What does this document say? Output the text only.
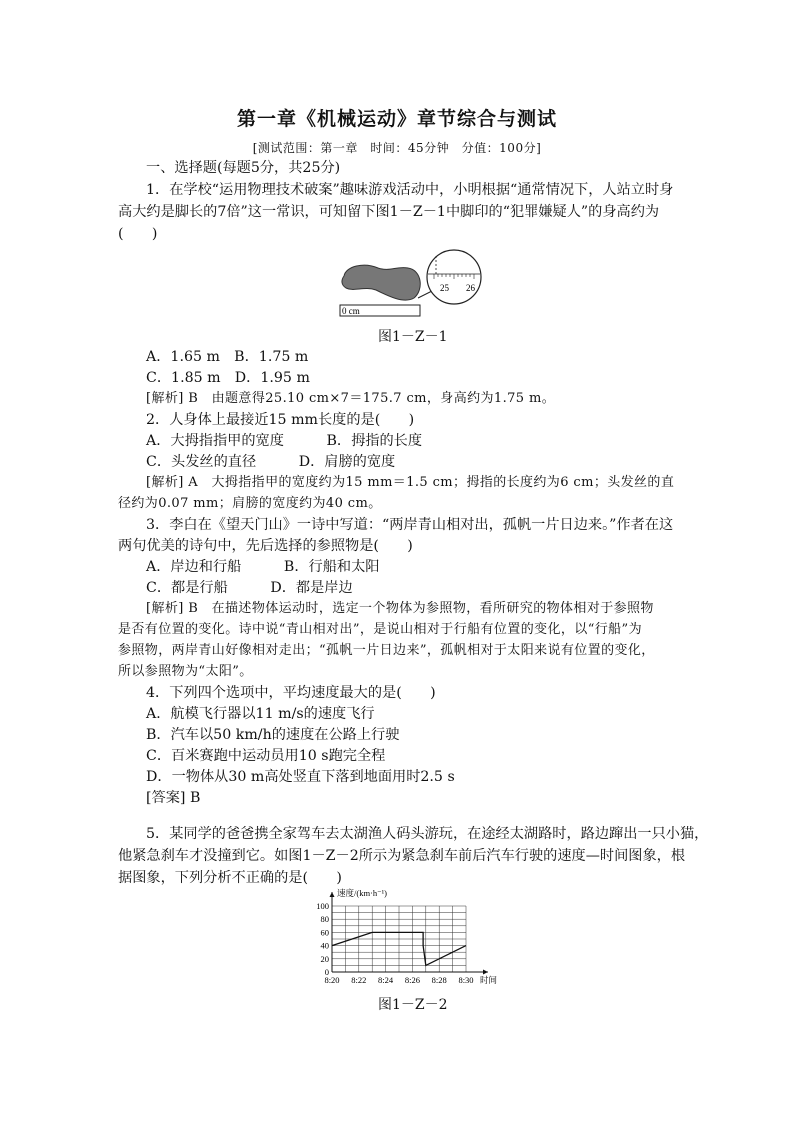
第一章《机械运动》章节综合与测试
[测试范围：第一章　时间：45分钟　分值：100分]
一、选择题(每题5分，共25分)
1．在学校“运用物理技术破案”趣味游戏活动中，小明根据“通常情况下，人站立时身
高大约是脚长的7倍”这一常识，可知留下图1－Z－1中脚印的“犯罪嫌疑人”的身高约为
(　　)
0 cm
25 26
图1－Z－1
A．1.65 m　B．1.75 m
C．1.85 m　D．1.95 m
[解析] B　由题意得25.10 cm×7＝175.7 cm，身高约为1.75 m。
2．人身体上最接近15 mm长度的是(　　)
A．大拇指指甲的宽度　　　B．拇指的长度
C．头发丝的直径　　　D．肩膀的宽度
[解析] A　大拇指指甲的宽度约为15 mm＝1.5 cm；拇指的长度约为6 cm；头发丝的直
径约为0.07 mm；肩膀的宽度约为40 cm。
3．李白在《望天门山》一诗中写道：“两岸青山相对出，孤帆一片日边来。”作者在这
两句优美的诗句中，先后选择的参照物是(　　)
A．岸边和行船　　　B．行船和太阳
C．都是行船　　　D．都是岸边
[解析] B　在描述物体运动时，选定一个物体为参照物，看所研究的物体相对于参照物
是否有位置的变化。诗中说“青山相对出”，是说山相对于行船有位置的变化，以“行船”为
参照物，两岸青山好像相对走出；“孤帆一片日边来”，孤帆相对于太阳来说有位置的变化，
所以参照物为“太阳”。
4．下列四个选项中，平均速度最大的是(　　)
A．航模飞行器以11 m/s的速度飞行
B．汽车以50 km/h的速度在公路上行驶
C．百米赛跑中运动员用10 s跑完全程
D．一物体从30 m高处竖直下落到地面用时2.5 s
[答案] B
5．某同学的爸爸携全家驾车去太湖渔人码头游玩，在途经太湖路时，路边蹿出一只小猫，
他紧急刹车才没撞到它。如图1－Z－2所示为紧急刹车前后汽车行驶的速度—时间图象，根
据图象，下列分析不正确的是(　　)
0
20
40
60
80
100
8:20 8:22 8:24 8:26 8:28 8:30
速度/(km·h⁻¹)
时间
图1－Z－2
